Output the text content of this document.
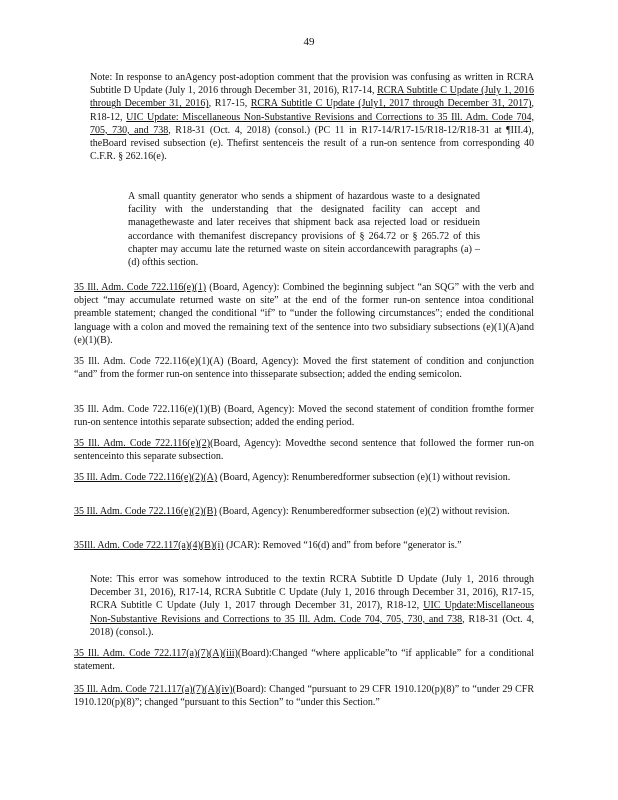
49
Note: In response to anAgency post-adoption comment that the provision was confusing as written in RCRA Subtitle D Update (July 1, 2016 through December 31, 2016), R17-14, RCRA Subtitle C Update (July 1, 2016 through December 31, 2016), R17-15, RCRA Subtitle C Update (July1, 2017 through December 31, 2017), R18-12, UIC Update: Miscellaneous Non-Substantive Revisions and Corrections to 35 Ill. Adm. Code 704, 705, 730, and 738, R18-31 (Oct. 4, 2018) (consol.) (PC 11 in R17-14/R17-15/R18-12/R18-31 at ¶III.4), theBoard revised subsection (e). Thefirst sentenceis the result of a run-on sentence from corresponding 40 C.F.R. § 262.16(e).
A small quantity generator who sends a shipment of hazardous waste to a designated facility with the understanding that the designated facility can accept and managethewaste and later receives that shipment back asa rejected load or residuein accordance with themanifest discrepancy provisions of § 264.72 or § 265.72 of this chapter may accumu late the returned waste on sitein accordancewith paragraphs (a) –(d) ofthis section.
35 Ill. Adm. Code 722.116(e)(1) (Board, Agency): Combined the beginning subject “an SQG” with the verb and object “may accumulate returned waste on site” at the end of the former run-on sentence intoa conditional preamble statement; changed the conditional “if” to “under the following circumstances”; ended the conditional language with a colon and moved the remaining text of the sentence into two subsidiary subsections (e)(1)(A)and (e)(1)(B).
35 Ill. Adm. Code 722.116(e)(1)(A) (Board, Agency): Moved the first statement of condition and conjunction “and” from the former run-on sentence into thisseparate subsection; added the ending semicolon.
35 Ill. Adm. Code 722.116(e)(1)(B) (Board, Agency): Moved the second statement of condition fromthe former run-on sentence intothis separate subsection; added the ending period.
35 Ill. Adm. Code 722.116(e)(2)(Board, Agency): Movedthe second sentence that followed the former run-on sentenceinto this separate subsection.
35 Ill. Adm. Code 722.116(e)(2)(A) (Board, Agency): Renumberedformer subsection (e)(1) without revision.
35 Ill. Adm. Code 722.116(e)(2)(B) (Board, Agency): Renumberedformer subsection (e)(2) without revision.
35Ill. Adm. Code 722.117(a)(4)(B)(i) (JCAR): Removed “16(d) and” from before “generator is.”
Note: This error was somehow introduced to the textin RCRA Subtitle D Update (July 1, 2016 through December 31, 2016), R17-14, RCRA Subtitle C Update (July 1, 2016 through December 31, 2016), R17-15, RCRA Subtitle C Update (July 1, 2017 through December 31, 2017), R18-12, UIC Update:Miscellaneous Non-Substantive Revisions and Corrections to 35 Ill. Adm. Code 704, 705, 730, and 738, R18-31 (Oct. 4, 2018) (consol.).
35 Ill. Adm. Code 722.117(a)(7)(A)(iii)(Board):Changed “where applicable”to “if applicable” for a conditional statement.
35 Ill. Adm. Code 721.117(a)(7)(A)(iv)(Board): Changed “pursuant to 29 CFR 1910.120(p)(8)” to “under 29 CFR 1910.120(p)(8)”; changed “pursuant to this Section” to “under this Section.”
